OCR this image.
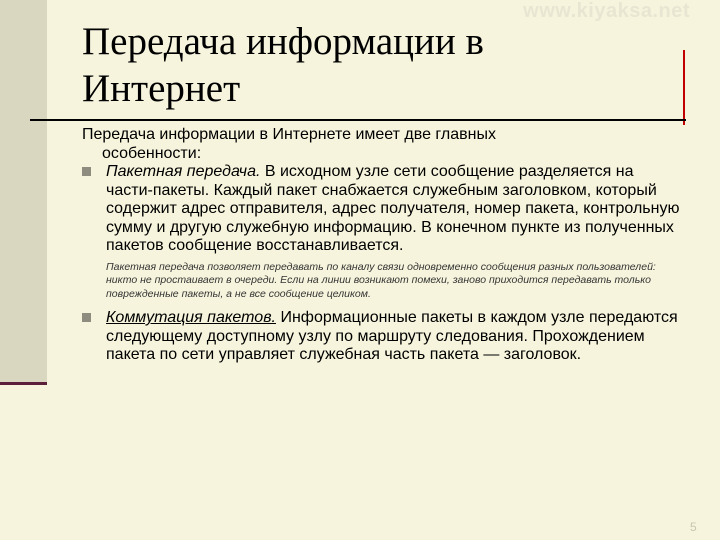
www.kiyaksa.net
Передача информации в
Интернет
Передача информации в Интернете имеет две главных
особенности:
Пакетная передача. В исходном узле сети сообщение разделяется на части-пакеты. Каждый пакет снабжается служебным заголовком, который содержит адрес отправителя, адрес получателя, номер пакета, контрольную сумму и другую служебную информацию. В конечном пункте из полученных пакетов сообщение восстанавливается.
Пакетная передача позволяет передавать по каналу связи одновременно сообщения разных пользователей: никто не простаивает в очереди. Если на линии возникают помехи, заново приходится передавать только поврежденные пакеты, а не все сообщение целиком.
Коммутация пакетов. Информационные пакеты в каждом узле передаются следующему доступному узлу по маршруту следования. Прохождением пакета по сети управляет служебная часть пакета — заголовок.
5
